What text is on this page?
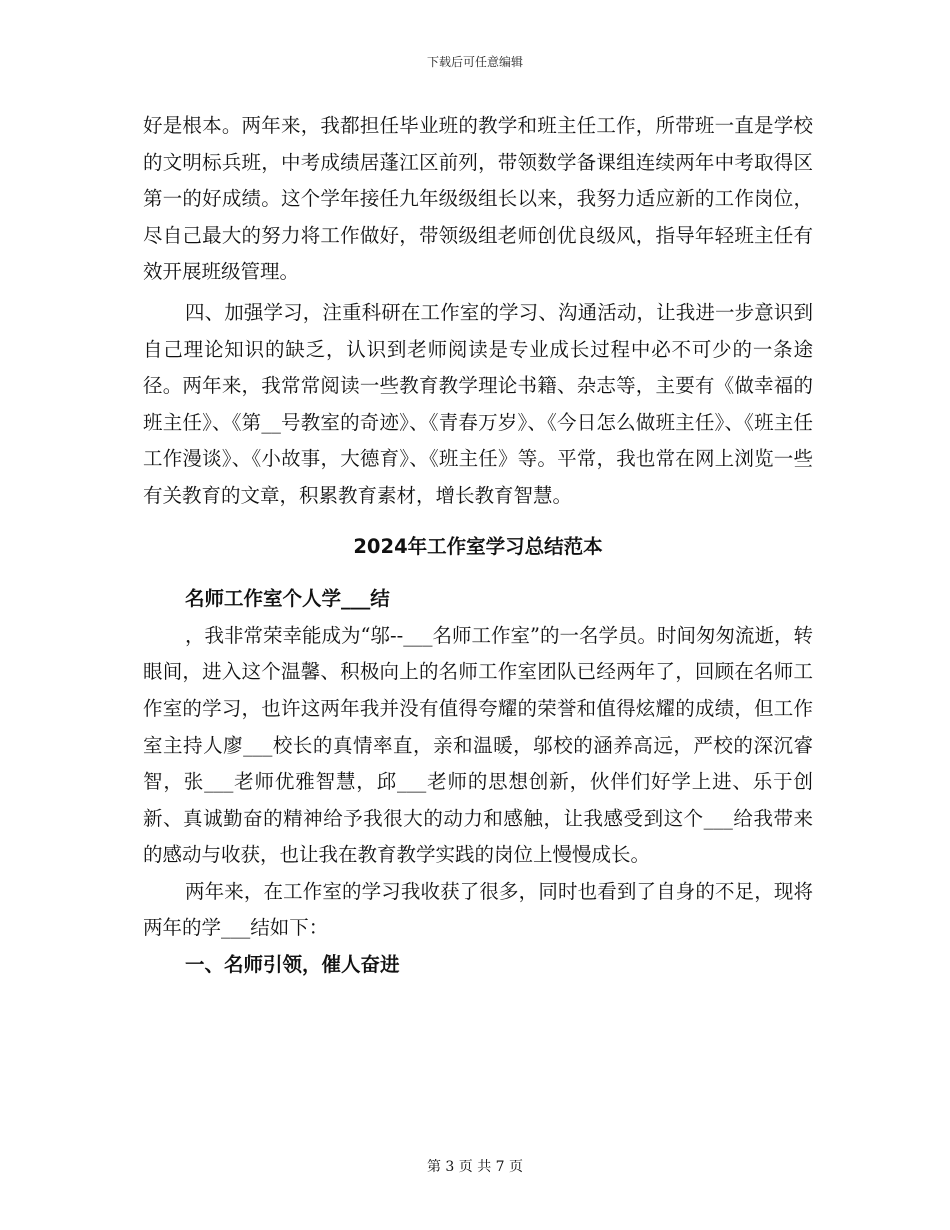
下载后可任意编辑

好是根本。两年来，我都担任毕业班的教学和班主任工作，所带班一直是学校的文明标兵班，中考成绩居蓬江区前列，带领数学备课组连续两年中考取得区第一的好成绩。这个学年接任九年级级组长以来，我努力适应新的工作岗位，尽自己最大的努力将工作做好，带领级组老师创优良级风，指导年轻班主任有效开展班级管理。

四、加强学习，注重科研在工作室的学习、沟通活动，让我进一步意识到自己理论知识的缺乏，认识到老师阅读是专业成长过程中必不可少的一条途径。两年来，我常常阅读一些教育教学理论书籍、杂志等，主要有《做幸福的班主任》、《第__号教室的奇迹》、《青春万岁》、《今日怎么做班主任》、《班主任工作漫谈》、《小故事，大德育》、《班主任》等。平常，我也常在网上浏览一些有关教育的文章，积累教育素材，增长教育智慧。

2024年工作室学习总结范本

名师工作室个人学___结

，我非常荣幸能成为“邬--___名师工作室”的一名学员。时间匆匆流逝，转眼间，进入这个温馨、积极向上的名师工作室团队已经两年了，回顾在名师工作室的学习，也许这两年我并没有值得夸耀的荣誉和值得炫耀的成绩，但工作室主持人廖___校长的真情率直，亲和温暖，邬校的涵养高远，严校的深沉睿智，张___老师优雅智慧，邱___老师的思想创新，伙伴们好学上进、乐于创新、真诚勤奋的精神给予我很大的动力和感触，让我感受到这个___给我带来的感动与收获，也让我在教育教学实践的岗位上慢慢成长。

两年来，在工作室的学习我收获了很多，同时也看到了自身的不足，现将两年的学___结如下：

一、名师引领，催人奋进

第 3 页 共 7 页
